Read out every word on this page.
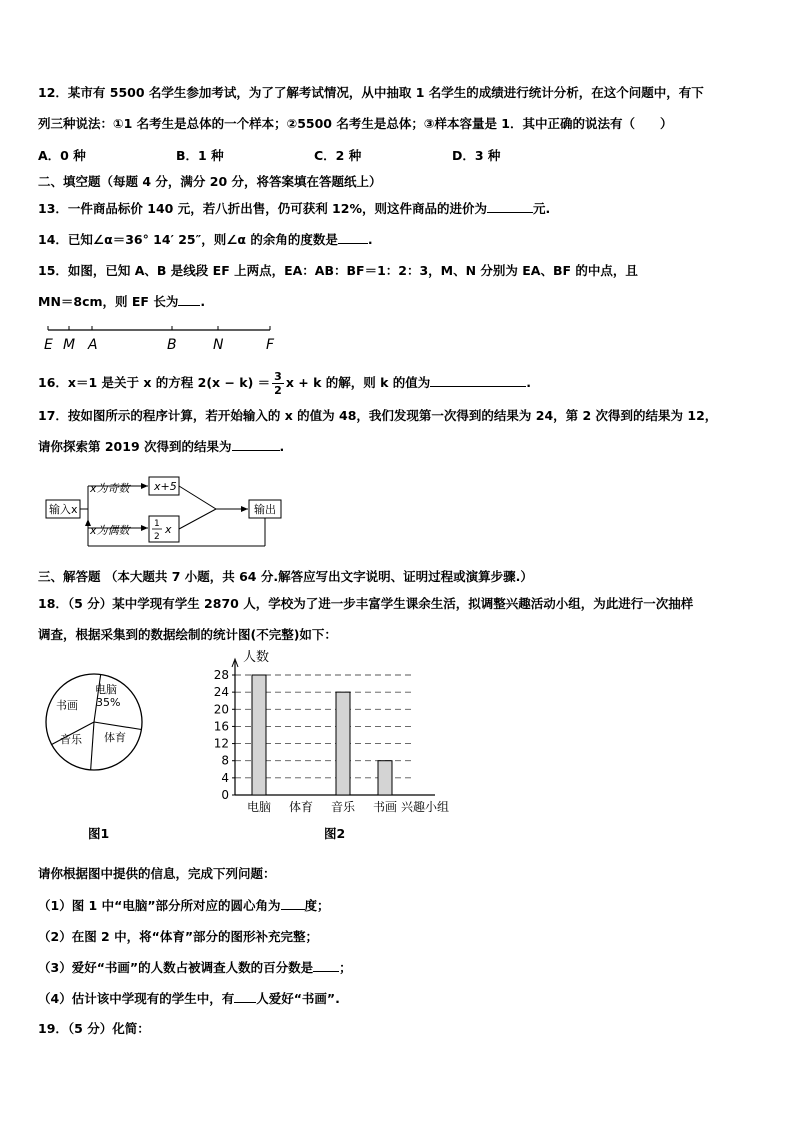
12．某市有 5500 名学生参加考试，为了了解考试情况，从中抽取 1 名学生的成绩进行统计分析，在这个问题中，有下
列三种说法：①1 名考生是总体的一个样本；②5500 名考生是总体；③样本容量是 1．其中正确的说法有（　　）
A．0 种	B．1 种	C．2 种	D．3 种
二、填空题（每题 4 分，满分 20 分，将答案填在答题纸上）
13．一件商品标价 140 元，若八折出售，仍可获利 12%，则这件商品的进价为	元.
14．已知∠α＝36° 14′ 25″，则∠α 的余角的度数是 .
15．如图，已知 A、B 是线段 EF 上两点，EA：AB：BF＝1：2：3，M、N 分别为 EA、BF 的中点，且
MN＝8cm，则 EF 长为 .
E M A	B	N	F
16．x＝1 是关于 x 的方程 $2(x - k) = \frac{3}{2}$ x + k 的解，则 k 的值为	.
17．按如图所示的程序计算，若开始输入的 x 的值为 48，我们发现第一次得到的结果为 24，第 2 次得到的结果为 12，
请你探索第 2019 次得到的结果为	.
输入x
x为奇数
x为偶数
x+5
1
2
x
输出
三、解答题 （本大题共 7 小题，共 64 分.解答应写出文字说明、证明过程或演算步骤.）
18．（5 分）某中学现有学生 2870 人，学校为了进一步丰富学生课余生活，拟调整兴趣活动小组，为此进行一次抽样
调查，根据采集到的数据绘制的统计图(不完整)如下：
电脑
35%
书画
音乐 体育
图1
0
4
8
12
16
20
24
28
人数
兴趣小组
电脑 体育 音乐 书画
图2
请你根据图中提供的信息，完成下列问题：
（1）图 1 中“电脑”部分所对应的圆心角为 度；
（2）在图 2 中，将“体育”部分的图形补充完整；
（3）爱好“书画”的人数占被调查人数的百分数是 ；
（4）估计该中学现有的学生中，有 人爱好“书画”.
19．（5 分）化简：
